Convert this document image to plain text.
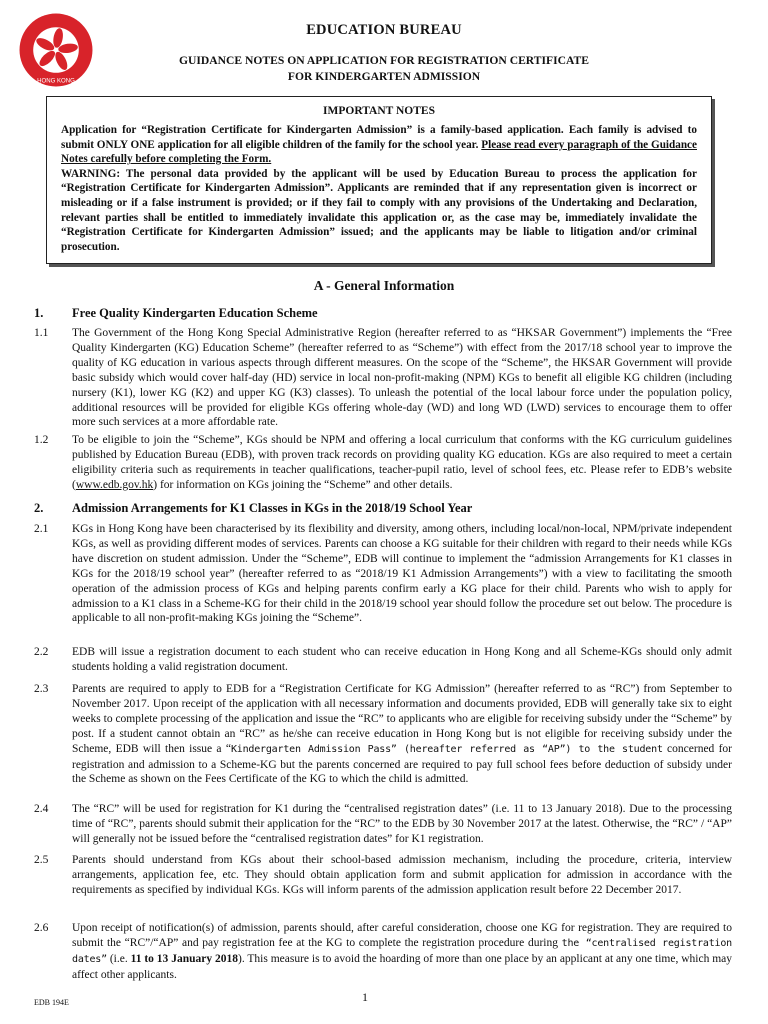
HONG KONG
EDUCATION BUREAU
GUIDANCE NOTES ON APPLICATION FOR REGISTRATION CERTIFICATE
FOR KINDERGARTEN ADMISSION
IMPORTANT NOTES

Application for “Registration Certificate for Kindergarten Admission” is a family-based application. Each family is advised to submit ONLY ONE application for all eligible children of the family for the school year. Please read every paragraph of the Guidance Notes carefully before completing the Form.

WARNING: The personal data provided by the applicant will be used by Education Bureau to process the application for “Registration Certificate for Kindergarten Admission”. Applicants are reminded that if any representation given is incorrect or misleading or if a false instrument is provided; or if they fail to comply with any provisions of the Undertaking and Declaration, relevant parties shall be entitled to immediately invalidate this application or, as the case may be, immediately invalidate the “Registration Certificate for Kindergarten Admission” issued; and the applicants may be liable to litigation and/or criminal prosecution.

A - General Information
1. Free Quality Kindergarten Education Scheme
1.1 The Government of the Hong Kong Special Administrative Region (hereafter referred to as “HKSAR Government”) implements the “Free Quality Kindergarten (KG) Education Scheme” (hereafter referred to as “Scheme”) with effect from the 2017/18 school year to improve the quality of KG education in various aspects through different measures. On the scope of the “Scheme”, the HKSAR Government will provide basic subsidy which would cover half-day (HD) service in local non-profit-making (NPM) KGs to benefit all eligible KG children (including nursery (K1), lower KG (K2) and upper KG (K3) classes). To unleash the potential of the local labour force under the population policy, additional resources will be provided for eligible KGs offering whole-day (WD) and long WD (LWD) services to encourage them to offer more such services at a more affordable rate.
1.2 To be eligible to join the “Scheme”, KGs should be NPM and offering a local curriculum that conforms with the KG curriculum guidelines published by Education Bureau (EDB), with proven track records on providing quality KG education. KGs are also required to meet a certain eligibility criteria such as requirements in teacher qualifications, teacher-pupil ratio, level of school fees, etc. Please refer to EDB’s website (www.edb.gov.hk) for information on KGs joining the “Scheme” and other details.
2. Admission Arrangements for K1 Classes in KGs in the 2018/19 School Year
2.1 KGs in Hong Kong have been characterised by its flexibility and diversity, among others, including local/non-local, NPM/private independent KGs, as well as providing different modes of services. Parents can choose a KG suitable for their children with regard to their needs while KGs have discretion on student admission. Under the “Scheme”, EDB will continue to implement the “admission Arrangements for K1 classes in KGs for the 2018/19 school year” (hereafter referred to as “2018/19 K1 Admission Arrangements”) with a view to facilitating the smooth operation of the admission process of KGs and helping parents confirm early a KG place for their child. Parents who wish to apply for admission to a K1 class in a Scheme-KG for their child in the 2018/19 school year should follow the procedure set out below. The procedure is applicable to all non-profit-making KGs joining the “Scheme”.
2.2 EDB will issue a registration document to each student who can receive education in Hong Kong and all Scheme-KGs should only admit students holding a valid registration document.
2.3 Parents are required to apply to EDB for a “Registration Certificate for KG Admission” (hereafter referred to as “RC”) from September to November 2017. Upon receipt of the application with all necessary information and documents provided, EDB will generally take six to eight weeks to complete processing of the application and issue the “RC” to applicants who are eligible for receiving subsidy under the “Scheme” by post. If a student cannot obtain an “RC” as he/she can receive education in Hong Kong but is not eligible for receiving subsidy under the Scheme, EDB will then issue a “Kindergarten Admission Pass” (hereafter referred as “AP”) to the student concerned for registration and admission to a Scheme-KG but the parents concerned are required to pay full school fees before deduction of subsidy under the Scheme as shown on the Fees Certificate of the KG to which the child is admitted.
2.4 The “RC” will be used for registration for K1 during the “centralised registration dates” (i.e. 11 to 13 January 2018). Due to the processing time of “RC”, parents should submit their application for the “RC” to the EDB by 30 November 2017 at the latest. Otherwise, the “RC” / “AP” will generally not be issued before the “centralised registration dates” for K1 registration.
2.5 Parents should understand from KGs about their school-based admission mechanism, including the procedure, criteria, interview arrangements, application fee, etc. They should obtain application form and submit application for admission in accordance with the requirements as specified by individual KGs. KGs will inform parents of the admission application result before 22 December 2017.
2.6 Upon receipt of notification(s) of admission, parents should, after careful consideration, choose one KG for registration. They are required to submit the “RC”/“AP” and pay registration fee at the KG to complete the registration procedure during the “centralised registration dates” (i.e. 11 to 13 January 2018). This measure is to avoid the hoarding of more than one place by an applicant at any one time, which may affect other applicants.
EDB 194E	1
